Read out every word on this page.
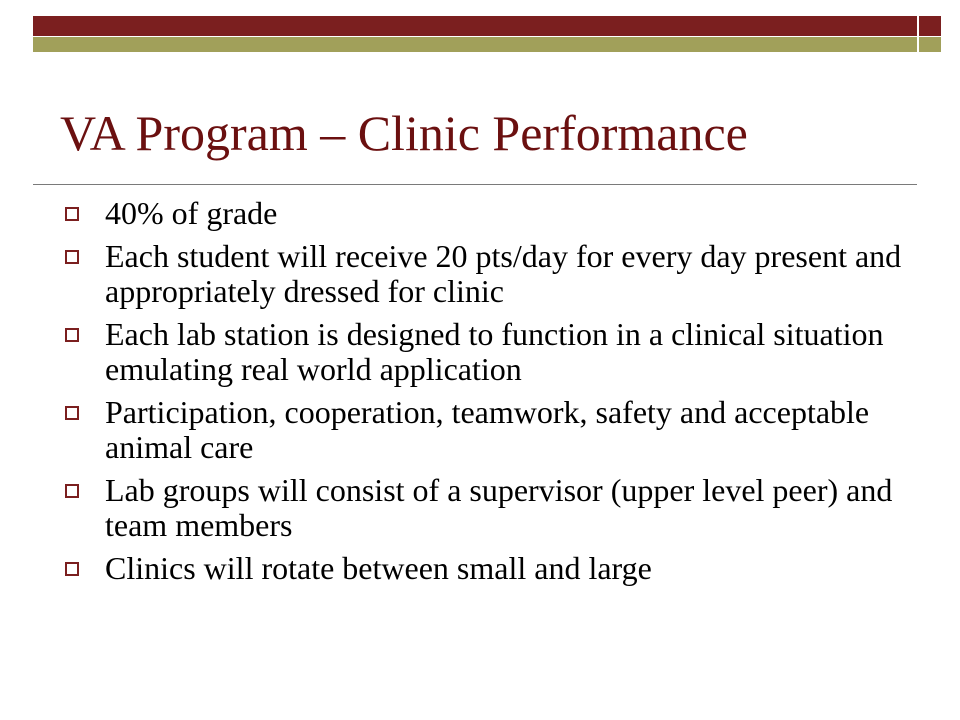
VA Program – Clinic Performance
40% of grade
Each student will receive 20 pts/day for every day present and appropriately dressed for clinic
Each lab station is designed to function in a clinical situation emulating real world application
Participation, cooperation, teamwork, safety and acceptable animal care
Lab groups will consist of a supervisor (upper level peer) and team members
Clinics will rotate between small and large
